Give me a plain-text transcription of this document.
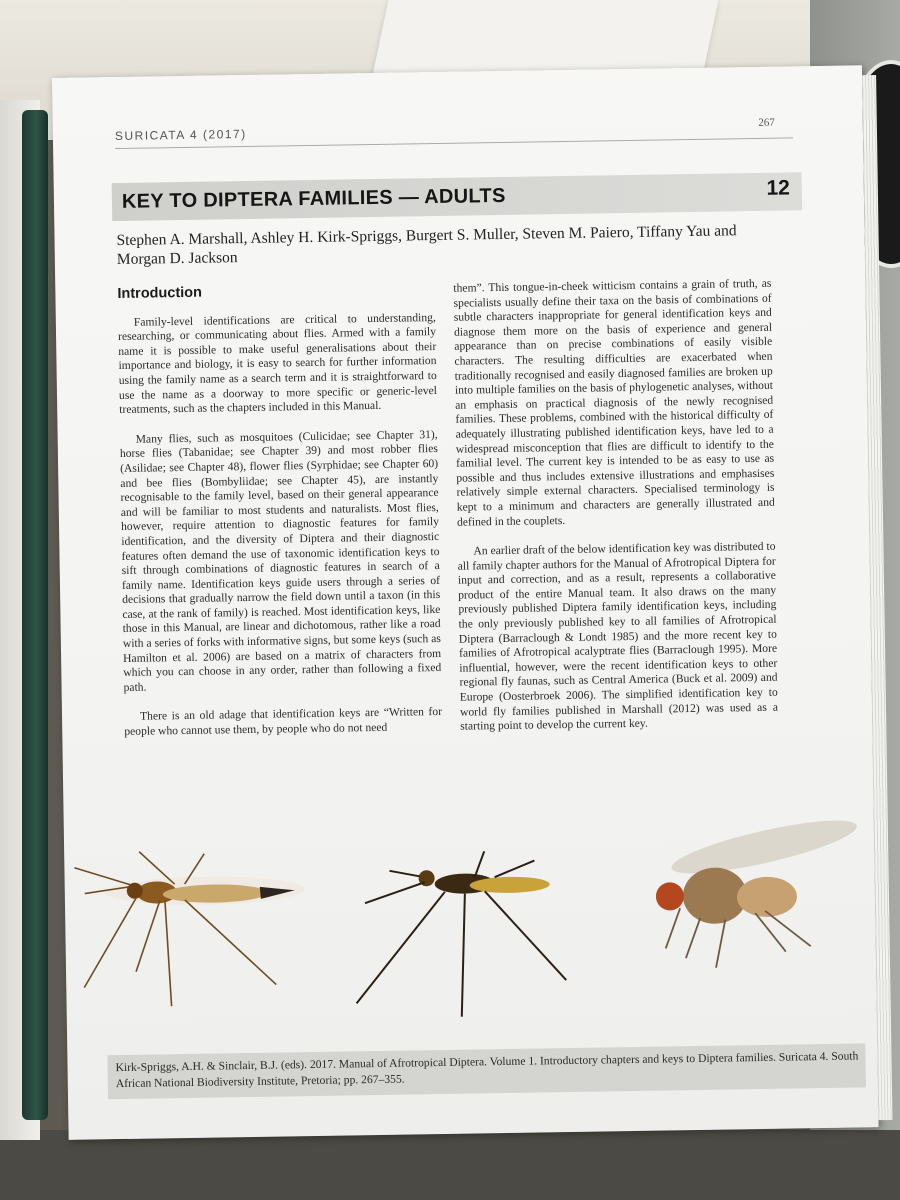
SURICATA 4 (2017)
267
KEY TO DIPTERA FAMILIES — ADULTS	12
Stephen A. Marshall, Ashley H. Kirk-Spriggs, Burgert S. Muller, Steven M. Paiero, Tiffany Yau and Morgan D. Jackson
Introduction

Family-level identifications are critical to understanding, researching, or communicating about flies. Armed with a family name it is possible to make useful generalisations about their importance and biology, it is easy to search for further information using the family name as a search term and it is straightforward to use the name as a doorway to more specific or generic-level treatments, such as the chapters included in this Manual.

Many flies, such as mosquitoes (Culicidae; see Chapter 31), horse flies (Tabanidae; see Chapter 39) and most robber flies (Asilidae; see Chapter 48), flower flies (Syrphidae; see Chapter 60) and bee flies (Bombyliidae; see Chapter 45), are instantly recognisable to the family level, based on their general appearance and will be familiar to most students and naturalists. Most flies, however, require attention to diagnostic features for family identification, and the diversity of Diptera and their diagnostic features often demand the use of taxonomic identification keys to sift through combinations of diagnostic features in search of a family name. Identification keys guide users through a series of decisions that gradually narrow the field down until a taxon (in this case, at the rank of family) is reached. Most identification keys, like those in this Manual, are linear and dichotomous, rather like a road with a series of forks with informative signs, but some keys (such as Hamilton et al. 2006) are based on a matrix of characters from which you can choose in any order, rather than following a fixed path.

There is an old adage that identification keys are “Written for people who cannot use them, by people who do not need

them”. This tongue-in-cheek witticism contains a grain of truth, as specialists usually define their taxa on the basis of combinations of subtle characters inappropriate for general identification keys and diagnose them more on the basis of experience and general appearance than on precise combinations of easily visible characters. The resulting difficulties are exacerbated when traditionally recognised and easily diagnosed families are broken up into multiple families on the basis of phylogenetic analyses, without an emphasis on practical diagnosis of the newly recognised families. These problems, combined with the historical difficulty of adequately illustrating published identification keys, have led to a widespread misconception that flies are difficult to identify to the familial level. The current key is intended to be as easy to use as possible and thus includes extensive illustrations and emphasises relatively simple external characters. Specialised terminology is kept to a minimum and characters are generally illustrated and defined in the couplets.

An earlier draft of the below identification key was distributed to all family chapter authors for the Manual of Afrotropical Diptera for input and correction, and as a result, represents a collaborative product of the entire Manual team. It also draws on the many previously published Diptera family identification keys, including the only previously published key to all families of Afrotropical Diptera (Barraclough & Londt 1985) and the more recent key to families of Afrotropical acalyptrate flies (Barraclough 1995). More influential, however, were the recent identification keys to other regional fly faunas, such as Central America (Buck et al. 2009) and Europe (Oosterbroek 2006). The simplified identification key to world fly families published in Marshall (2012) was used as a starting point to develop the current key.

Kirk-Spriggs, A.H. & Sinclair, B.J. (eds). 2017. Manual of Afrotropical Diptera. Volume 1. Introductory chapters and keys to Diptera families. Suricata 4. South African National Biodiversity Institute, Pretoria; pp. 267–355.
